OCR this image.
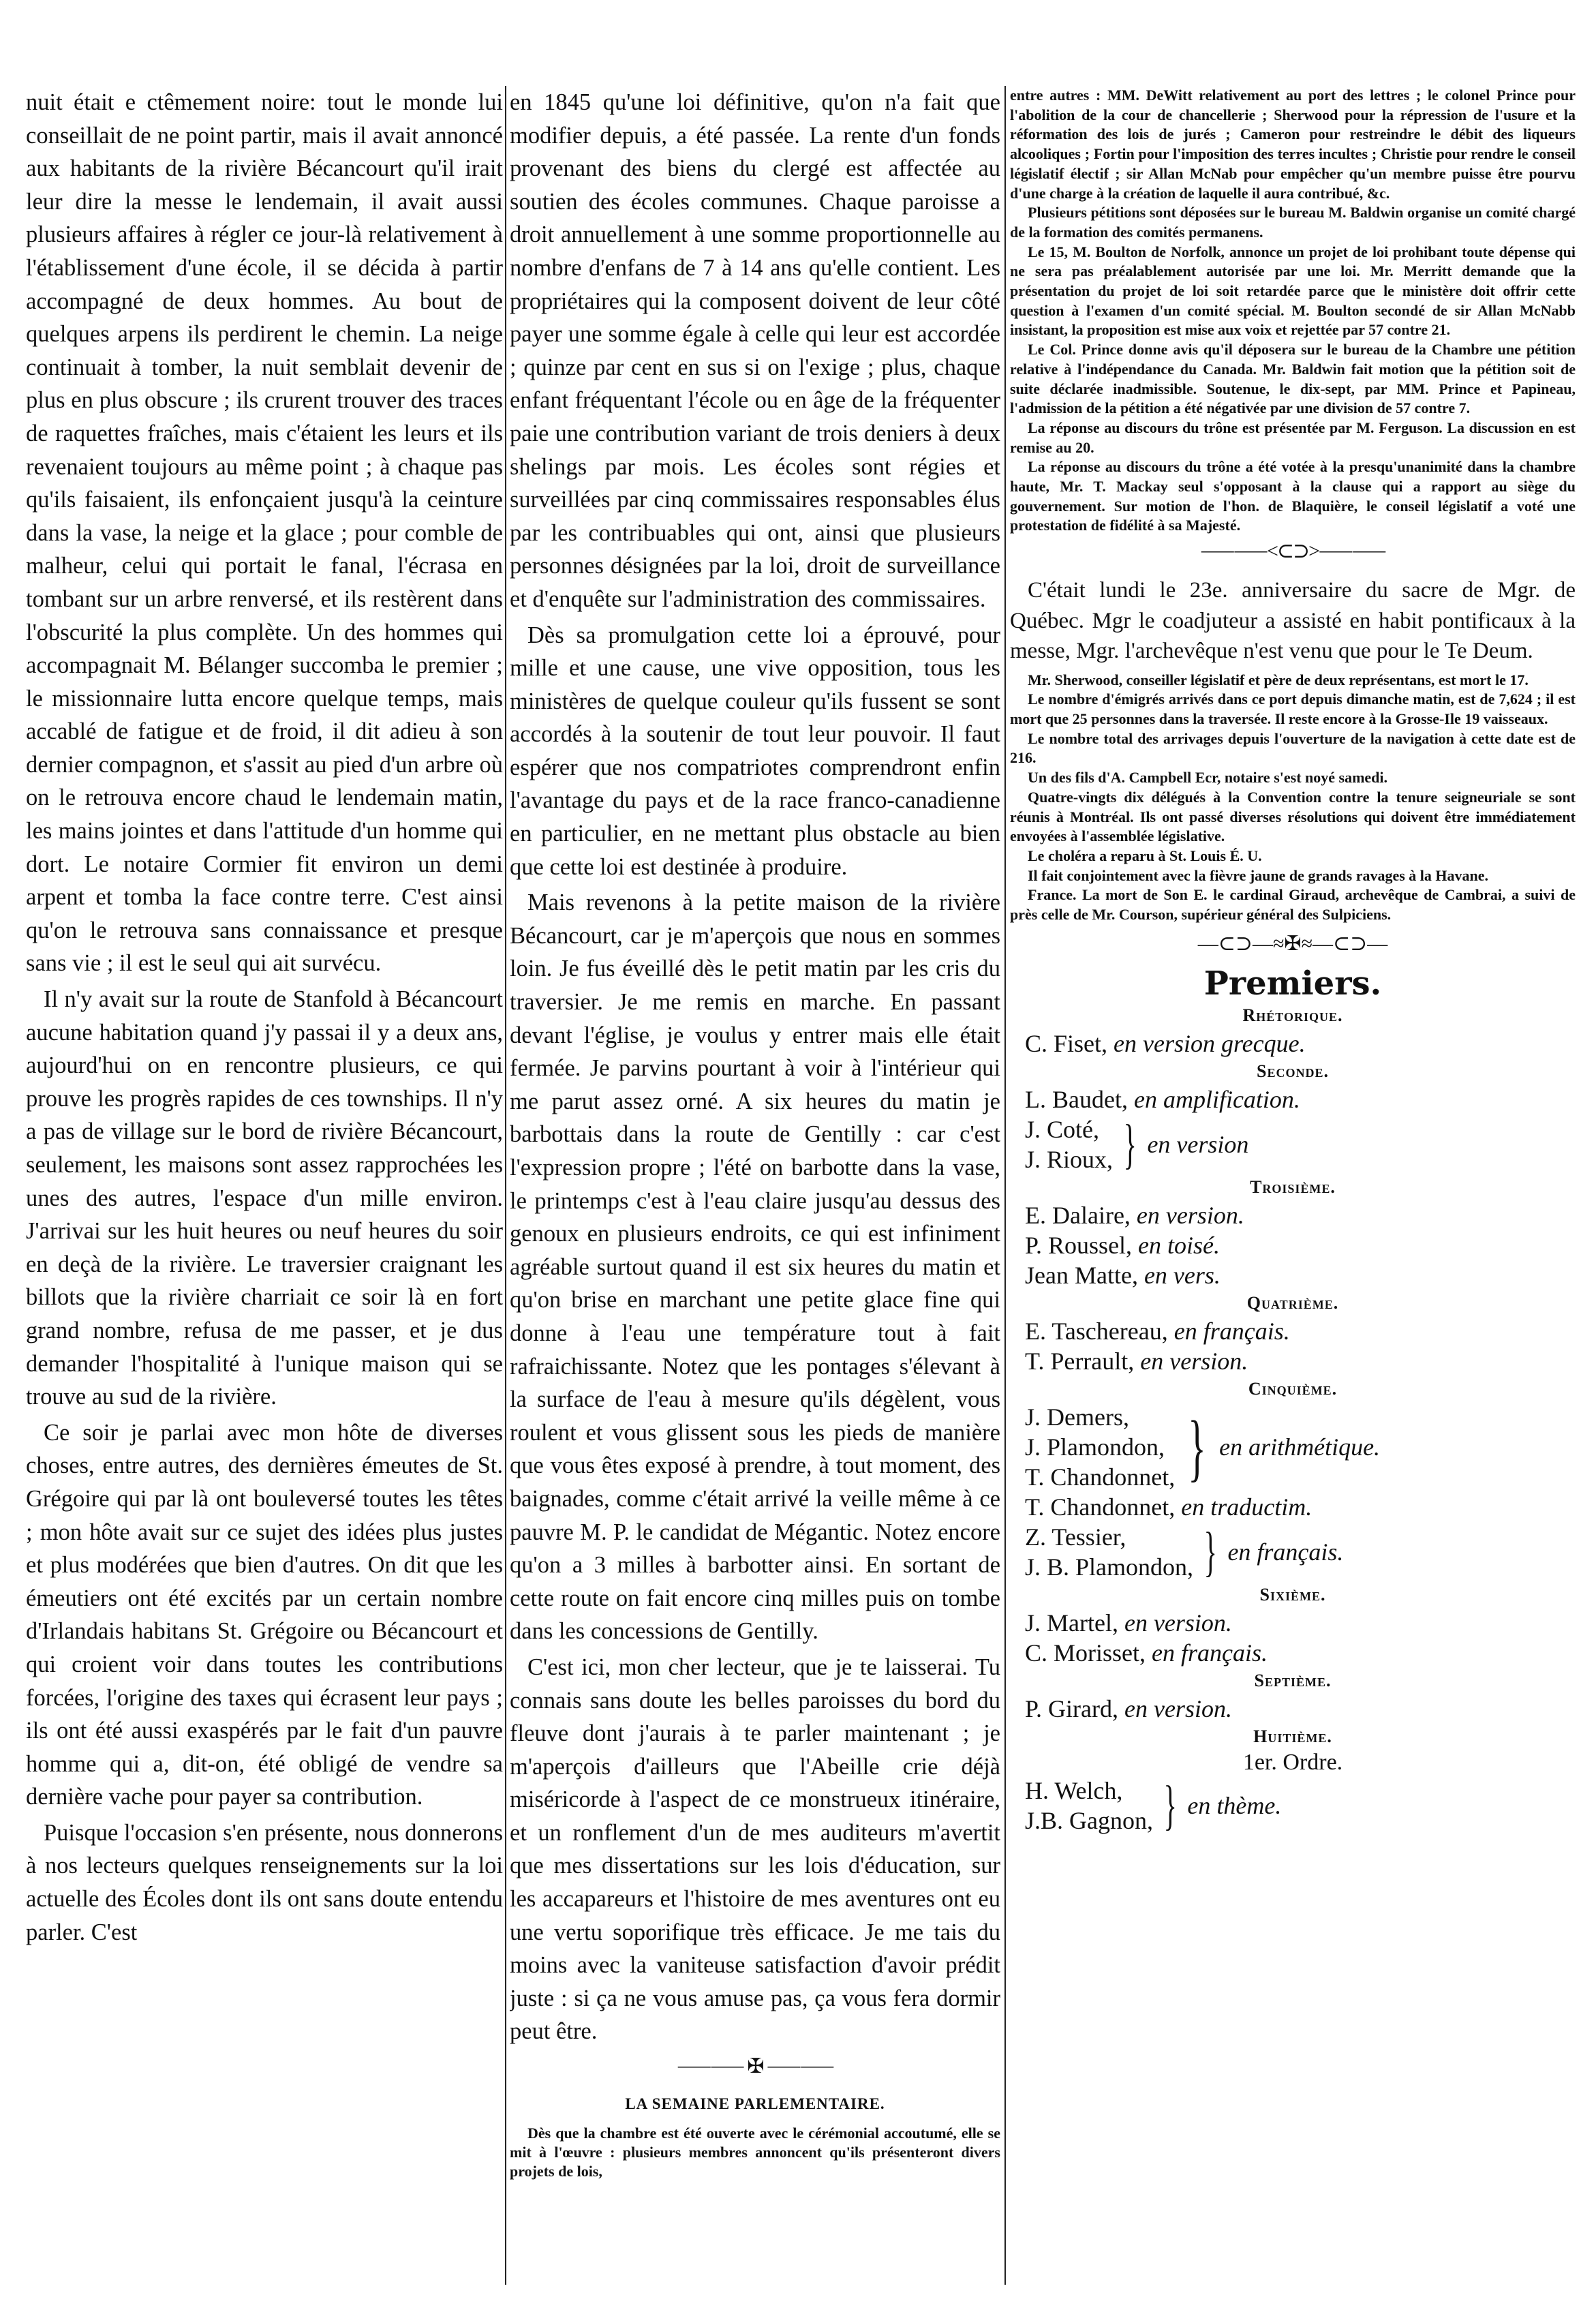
nuit était e ctêmement noire: tout le monde lui conseillait de ne point partir, mais il avait annoncé aux habitants de la rivière Bécancourt qu'il irait leur dire la messe le lendemain, il avait aussi plusieurs affaires à régler ce jour-là relativement à l'établissement d'une école, il se décida à partir accompagné de deux hommes. Au bout de quelques arpens ils perdirent le chemin. La neige continuait à tomber, la nuit semblait devenir de plus en plus obscure ; ils crurent trouver des traces de raquettes fraîches, mais c'étaient les leurs et ils revenaient toujours au même point ; à chaque pas qu'ils faisaient, ils enfonçaient jusqu'à la ceinture dans la vase, la neige et la glace ; pour comble de malheur, celui qui portait le fanal, l'écrasa en tombant sur un arbre renversé, et ils restèrent dans l'obscurité la plus complète. Un des hommes qui accompagnait M. Bélanger succomba le premier ; le missionnaire lutta encore quelque temps, mais accablé de fatigue et de froid, il dit adieu à son dernier compagnon, et s'assit au pied d'un arbre où on le retrouva encore chaud le lendemain matin, les mains jointes et dans l'attitude d'un homme qui dort. Le notaire Cormier fit environ un demi arpent et tomba la face contre terre. C'est ainsi qu'on le retrouva sans connaissance et presque sans vie ; il est le seul qui ait survécu.

Il n'y avait sur la route de Stanfold à Bécancourt aucune habitation quand j'y passai il y a deux ans, aujourd'hui on en rencontre plusieurs, ce qui prouve les progrès rapides de ces townships. Il n'y a pas de village sur le bord de rivière Bécancourt, seulement, les maisons sont assez rapprochées les unes des autres, l'espace d'un mille environ. J'arrivai sur les huit heures ou neuf heures du soir en deçà de la rivière. Le traversier craignant les billots que la rivière charriait ce soir là en fort grand nombre, refusa de me passer, et je dus demander l'hospitalité à l'unique maison qui se trouve au sud de la rivière.

Ce soir je parlai avec mon hôte de diverses choses, entre autres, des dernières émeutes de St. Grégoire qui par là ont bouleversé toutes les têtes ; mon hôte avait sur ce sujet des idées plus justes et plus modérées que bien d'autres. On dit que les émeutiers ont été excités par un certain nombre d'Irlandais habitans St. Grégoire ou Bécancourt et qui croient voir dans toutes les contributions forcées, l'origine des taxes qui écrasent leur pays ; ils ont été aussi exaspérés par le fait d'un pauvre homme qui a, dit-on, été obligé de vendre sa dernière vache pour payer sa contribution.

Puisque l'occasion s'en présente, nous donnerons à nos lecteurs quelques renseignements sur la loi actuelle des Écoles dont ils ont sans doute entendu parler. C'est

en 1845 qu'une loi définitive, qu'on n'a fait que modifier depuis, a été passée. La rente d'un fonds provenant des biens du clergé est affectée au soutien des écoles communes. Chaque paroisse a droit annuellement à une somme proportionnelle au nombre d'enfans de 7 à 14 ans qu'elle contient. Les propriétaires qui la composent doivent de leur côté payer une somme égale à celle qui leur est accordée ; quinze par cent en sus si on l'exige ; plus, chaque enfant fréquentant l'école ou en âge de la fréquenter paie une contribution variant de trois deniers à deux shelings par mois. Les écoles sont régies et surveillées par cinq commissaires responsables élus par les contribuables qui ont, ainsi que plusieurs personnes désignées par la loi, droit de surveillance et d'enquête sur l'administration des commissaires.

Dès sa promulgation cette loi a éprouvé, pour mille et une cause, une vive opposition, tous les ministères de quelque couleur qu'ils fussent se sont accordés à la soutenir de tout leur pouvoir. Il faut espérer que nos compatriotes comprendront enfin l'avantage du pays et de la race franco-canadienne en particulier, en ne mettant plus obstacle au bien que cette loi est destinée à produire.

Mais revenons à la petite maison de la rivière Bécancourt, car je m'aperçois que nous en sommes loin. Je fus éveillé dès le petit matin par les cris du traversier. Je me remis en marche. En passant devant l'église, je voulus y entrer mais elle était fermée. Je parvins pourtant à voir à l'intérieur qui me parut assez orné. A six heures du matin je barbottais dans la route de Gentilly : car c'est l'expression propre ; l'été on barbotte dans la vase, le printemps c'est à l'eau claire jusqu'au dessus des genoux en plusieurs endroits, ce qui est infiniment agréable surtout quand il est six heures du matin et qu'on brise en marchant une petite glace fine qui donne à l'eau une température tout à fait rafraichissante. Notez que les pontages s'élevant à la surface de l'eau à mesure qu'ils dégèlent, vous roulent et vous glissent sous les pieds de manière que vous êtes exposé à prendre, à tout moment, des baignades, comme c'était arrivé la veille même à ce pauvre M. P. le candidat de Mégantic. Notez encore qu'on a 3 milles à barbotter ainsi. En sortant de cette route on fait encore cinq milles puis on tombe dans les concessions de Gentilly.

C'est ici, mon cher lecteur, que je te laisserai. Tu connais sans doute les belles paroisses du bord du fleuve dont j'aurais à te parler maintenant ; je m'aperçois d'ailleurs que l'Abeille crie déjà miséricorde à l'aspect de ce monstrueux itinéraire, et un ronflement d'un de mes auditeurs m'avertit que mes dissertations sur les lois d'éducation, sur les accapareurs et l'histoire de mes aventures ont eu une vertu soporifique très efficace. Je me tais du moins avec la vaniteuse satisfaction d'avoir prédit juste : si ça ne vous amuse pas, ça vous fera dormir peut être.

⸺⸺ ✠ ⸺⸺
LA SEMAINE PARLEMENTAIRE.

Dès que la chambre est été ouverte avec le cérémonial accoutumé, elle se mit à l'œuvre : plusieurs membres annoncent qu'ils présenteront divers projets de lois,

entre autres : MM. DeWitt relativement au port des lettres ; le colonel Prince pour l'abolition de la cour de chancellerie ; Sherwood pour la répression de l'usure et la réformation des lois de jurés ; Cameron pour restreindre le débit des liqueurs alcooliques ; Fortin pour l'imposition des terres incultes ; Christie pour rendre le conseil législatif électif ; sir Allan McNab pour empêcher qu'un membre puisse être pourvu d'une charge à la création de laquelle il aura contribué, &c.

Plusieurs pétitions sont déposées sur le bureau M. Baldwin organise un comité chargé de la formation des comités permanens.

Le 15, M. Boulton de Norfolk, annonce un projet de loi prohibant toute dépense qui ne sera pas préalablement autorisée par une loi. Mr. Merritt demande que la présentation du projet de loi soit retardée parce que le ministère doit offrir cette question à l'examen d'un comité spécial. M. Boulton secondé de sir Allan McNabb insistant, la proposition est mise aux voix et rejettée par 57 contre 21.

Le Col. Prince donne avis qu'il déposera sur le bureau de la Chambre une pétition relative à l'indépendance du Canada. Mr. Baldwin fait motion que la pétition soit de suite déclarée inadmissible. Soutenue, le dix-sept, par MM. Prince et Papineau, l'admission de la pétition a été négativée par une division de 57 contre 7.

La réponse au discours du trône est présentée par M. Ferguson. La discussion en est remise au 20.

La réponse au discours du trône a été votée à la presqu'unanimité dans la chambre haute, Mr. T. Mackay seul s'opposant à la clause qui a rapport au siège du gouvernement. Sur motion de l'hon. de Blaquière, le conseil législatif a voté une protestation de fidélité à sa Majesté.

⸺⸺<⊂⊃>⸺⸺

C'était lundi le 23e. anniversaire du sacre de Mgr. de Québec. Mgr le coadjuteur a assisté en habit pontificaux à la messe, Mgr. l'archevêque n'est venu que pour le Te Deum.

Mr. Sherwood, conseiller législatif et père de deux représentans, est mort le 17.

Le nombre d'émigrés arrivés dans ce port depuis dimanche matin, est de 7,624 ; il est mort que 25 personnes dans la traversée. Il reste encore à la Grosse-Ile 19 vaisseaux.

Le nombre total des arrivages depuis l'ouverture de la navigation à cette date est de 216.

Un des fils d'A. Campbell Ecr, notaire s'est noyé samedi.

Quatre-vingts dix délégués à la Convention contre la tenure seigneuriale se sont réunis à Montréal. Ils ont passé diverses résolutions qui doivent être immédiatement envoyées à l'assemblée législative.

Le choléra a reparu à St. Louis É. U.

Il fait conjointement avec la fièvre jaune de grands ravages à la Havane.

France. La mort de Son E. le cardinal Giraud, archevêque de Cambrai, a suivi de près celle de Mr. Courson, supérieur général des Sulpiciens.

—⊂⊃—≈✠≈—⊂⊃—
Premiers.
Rhétorique.
C. Fiset, en version grecque.
Seconde.
L. Baudet, en amplification.
J. Coté,
J. Rioux, } en version
Troisième.
E. Dalaire, en version.
P. Roussel, en toisé.
Jean Matte, en vers.
Quatrième.
E. Taschereau, en français.
T. Perrault, en version.
Cinquième.
J. Demers,
J. Plamondon,
T. Chandonnet, } en arithmétique.
T. Chandonnet, en traductim.
Z. Tessier,
J. B. Plamondon, } en français.
Sixième.
J. Martel, en version.
C. Morisset, en français.
Septième.
P. Girard, en version.
Huitième.
1er. Ordre.
H. Welch,
J.B. Gagnon, } en thème.
